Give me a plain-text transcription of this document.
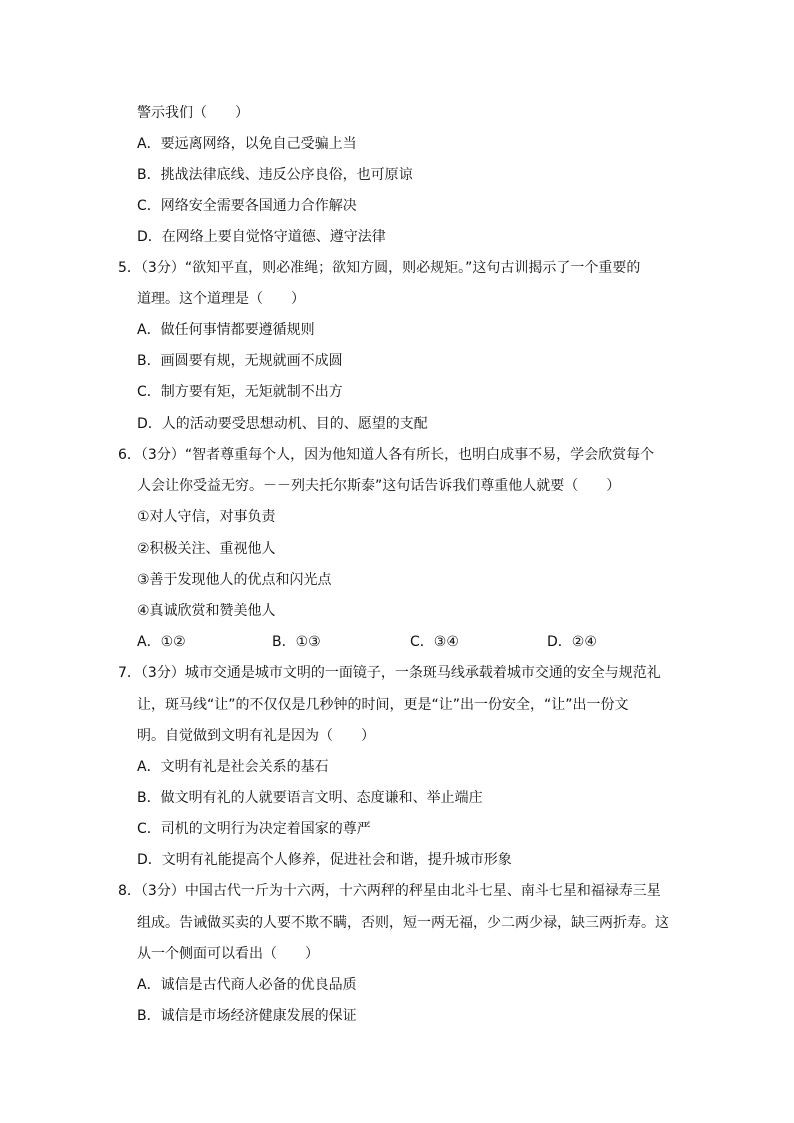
警示我们（　　）
A．要远离网络，以免自己受骗上当
B．挑战法律底线、违反公序良俗，也可原谅
C．网络安全需要各国通力合作解决
D．在网络上要自觉恪守道德、遵守法律
5．（3分）“欲知平直，则必准绳；欲知方圆，则必规矩。”这句古训揭示了一个重要的
道理。这个道理是（　　）
A．做任何事情都要遵循规则
B．画圆要有规，无规就画不成圆
C．制方要有矩，无矩就制不出方
D．人的活动要受思想动机、目的、愿望的支配
6．（3分）“智者尊重每个人，因为他知道人各有所长，也明白成事不易，学会欣赏每个
人会让你受益无穷。－－列夫托尔斯泰”这句话告诉我们尊重他人就要（　　）
①对人守信，对事负责
②积极关注、重视他人
③善于发现他人的优点和闪光点
④真诚欣赏和赞美他人
A．①②	B．①③	C．③④	D．②④
7．（3分）城市交通是城市文明的一面镜子，一条斑马线承载着城市交通的安全与规范礼
让，斑马线“让”的不仅仅是几秒钟的时间，更是“让”出一份安全，“让”出一份文
明。自觉做到文明有礼是因为（　　）
A．文明有礼是社会关系的基石
B．做文明有礼的人就要语言文明、态度谦和、举止端庄
C．司机的文明行为决定着国家的尊严
D．文明有礼能提高个人修养，促进社会和谐，提升城市形象
8．（3分）中国古代一斤为十六两，十六两秤的秤星由北斗七星、南斗七星和福禄寿三星
组成。告诫做买卖的人要不欺不瞒，否则，短一两无福，少二两少禄，缺三两折寿。这
从一个侧面可以看出（　　）
A．诚信是古代商人必备的优良品质
B．诚信是市场经济健康发展的保证
